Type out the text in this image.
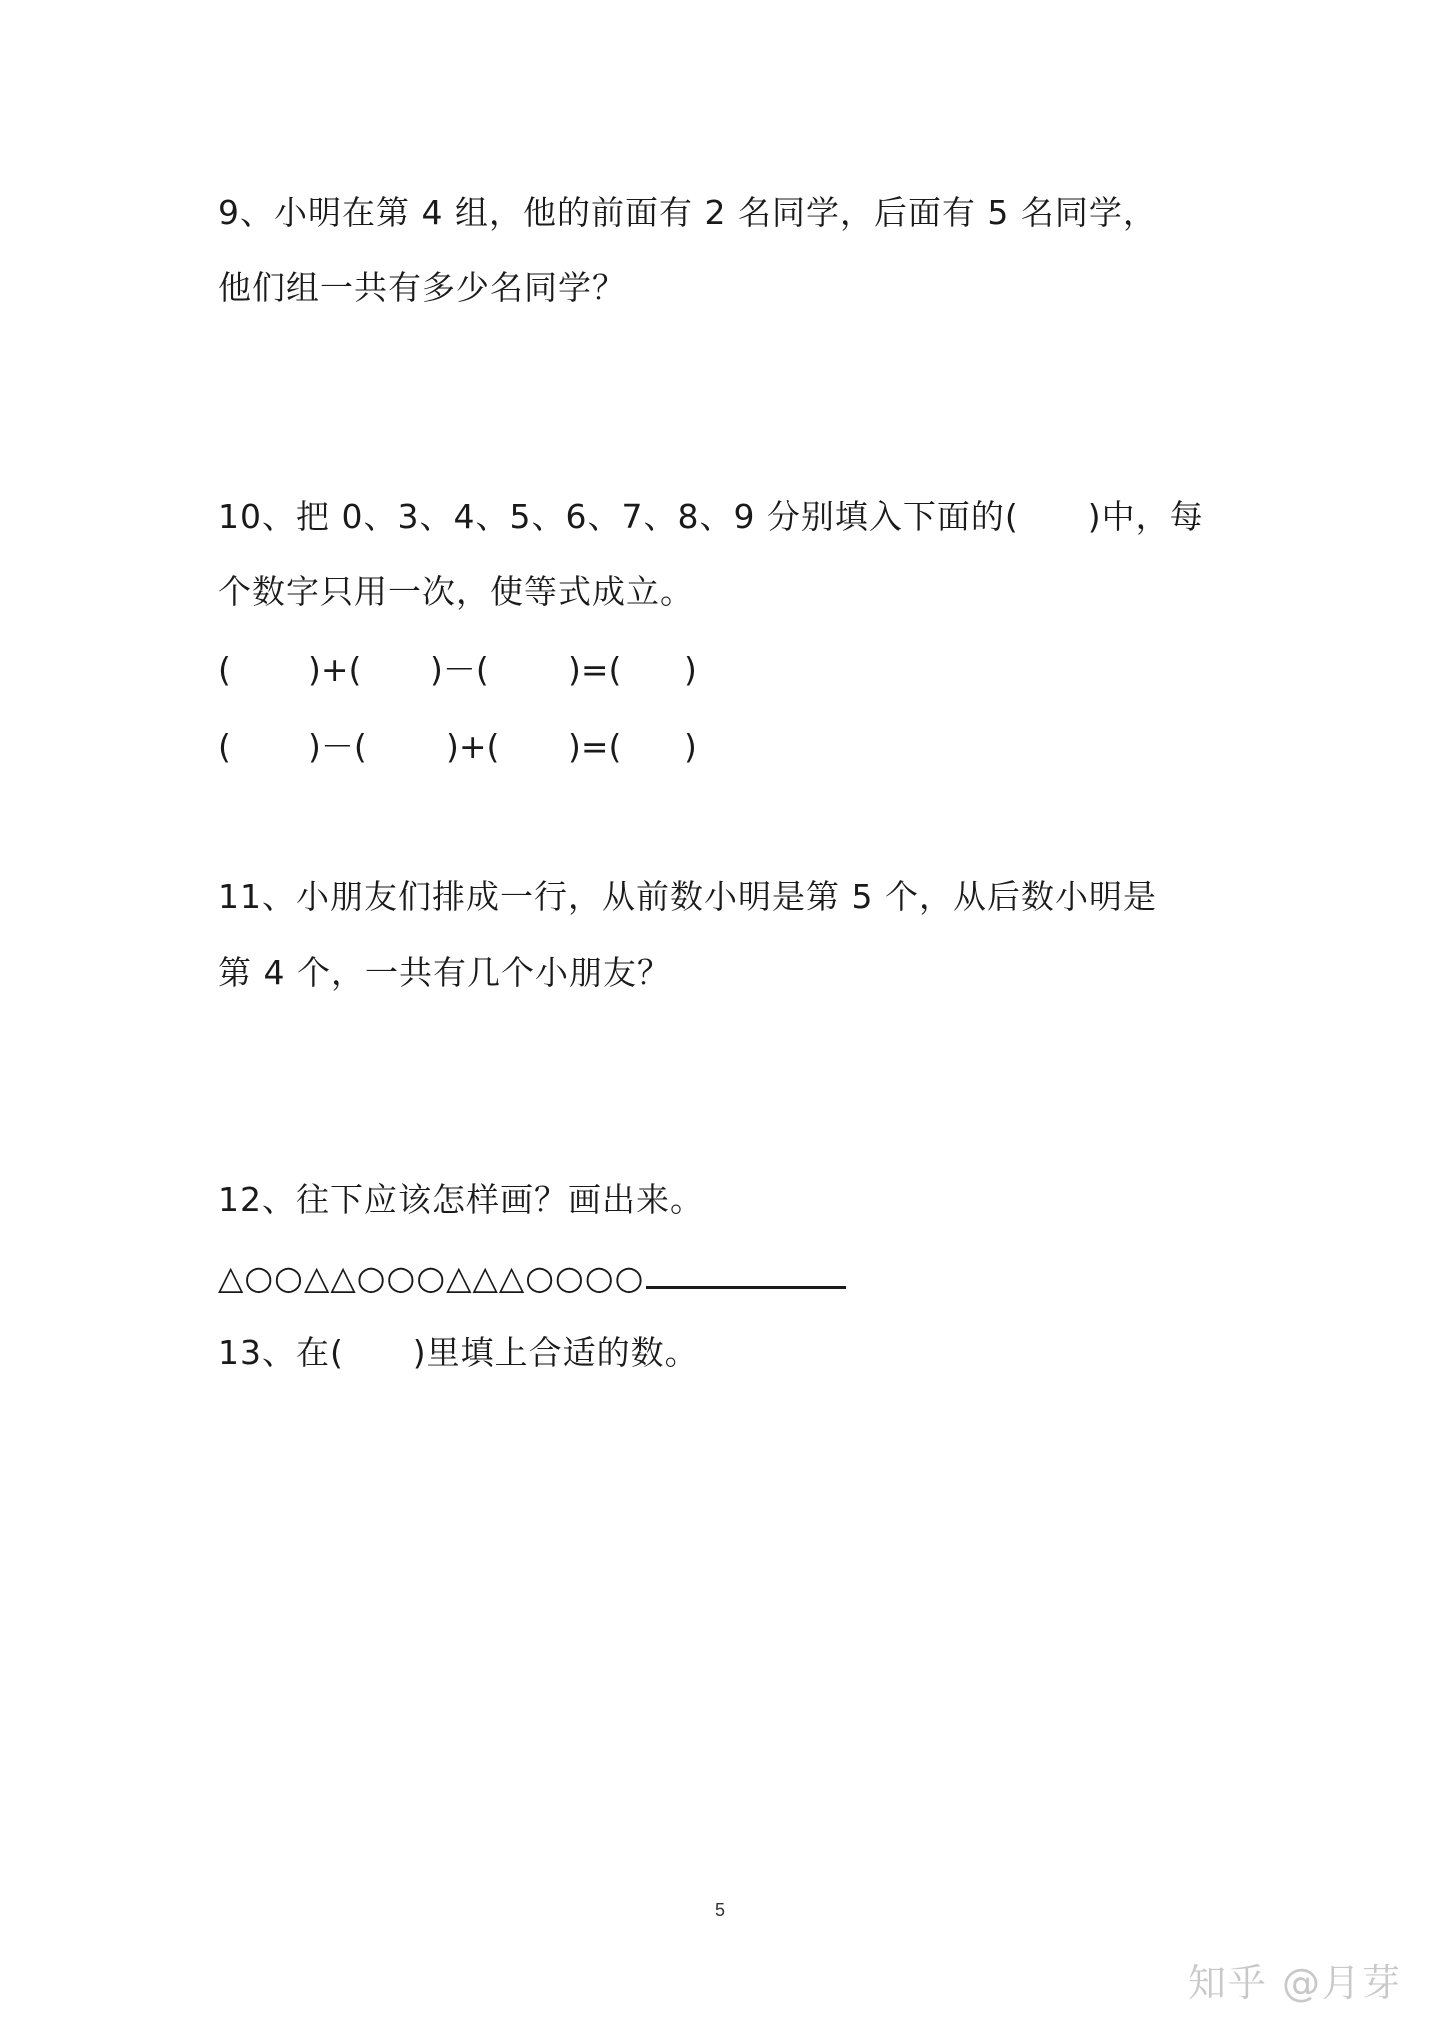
9、小明在第 4 组，他的前面有 2 名同学，后面有 5 名同学，
他们组一共有多少名同学？
10、把 0、3、4、5、6、7、8、9 分别填入下面的(      )中，每
个数字只用一次，使等式成立。

(

)+(

)－(

)=(

)

(

)－(

)+(

)=(

)

11、小朋友们排成一行，从前数小明是第 5 个，从后数小明是
第 4 个，一共有几个小朋友？
12、往下应该怎样画？画出来。
△○○△△○○○△△△○○○○
13、在(      )里填上合适的数。
5
知乎 @月芽
